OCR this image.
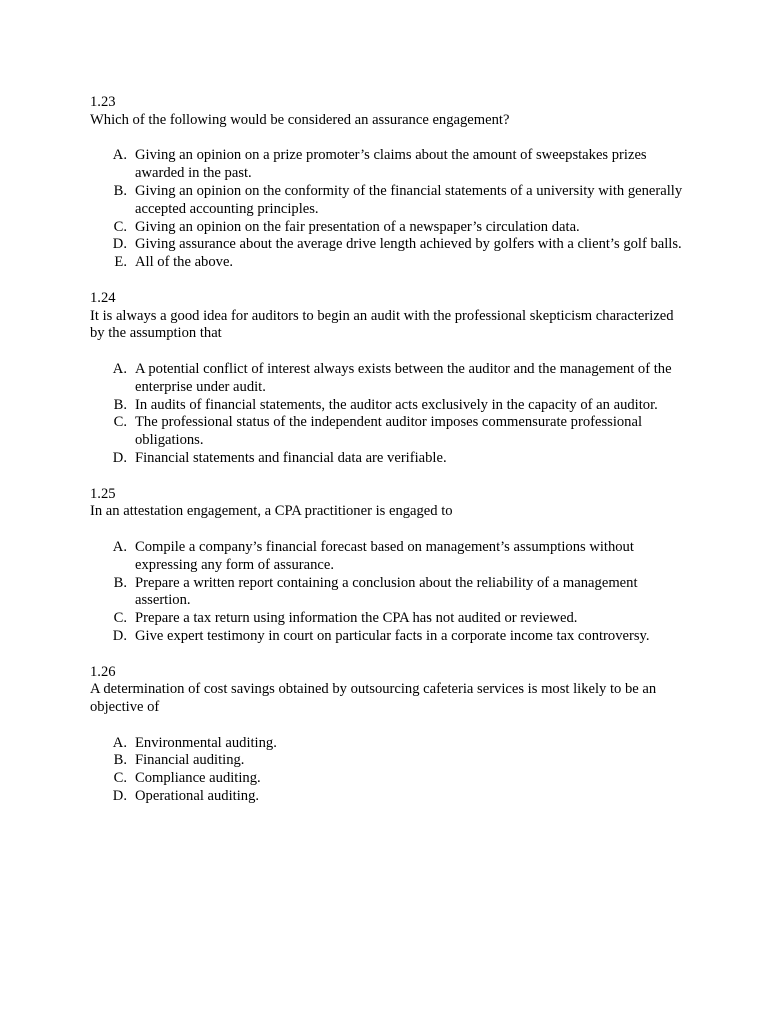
1.23

Which of the following would be considered an assurance engagement?

A. Giving an opinion on a prize promoter’s claims about the amount of sweepstakes prizes awarded in the past.
B. Giving an opinion on the conformity of the financial statements of a university with generally accepted accounting principles.
C. Giving an opinion on the fair presentation of a newspaper’s circulation data.
D. Giving assurance about the average drive length achieved by golfers with a client’s golf balls.
E. All of the above.

1.24

It is always a good idea for auditors to begin an audit with the professional skepticism characterized by the assumption that

A. A potential conflict of interest always exists between the auditor and the management of the enterprise under audit.
B. In audits of financial statements, the auditor acts exclusively in the capacity of an auditor.
C. The professional status of the independent auditor imposes commensurate professional obligations.
D. Financial statements and financial data are verifiable.

1.25

In an attestation engagement, a CPA practitioner is engaged to

A. Compile a company’s financial forecast based on management’s assumptions without expressing any form of assurance.
B. Prepare a written report containing a conclusion about the reliability of a management assertion.
C. Prepare a tax return using information the CPA has not audited or reviewed.
D. Give expert testimony in court on particular facts in a corporate income tax controversy.

1.26

A determination of cost savings obtained by outsourcing cafeteria services is most likely to be an objective of

A. Environmental auditing.
B. Financial auditing.
C. Compliance auditing.
D. Operational auditing.
